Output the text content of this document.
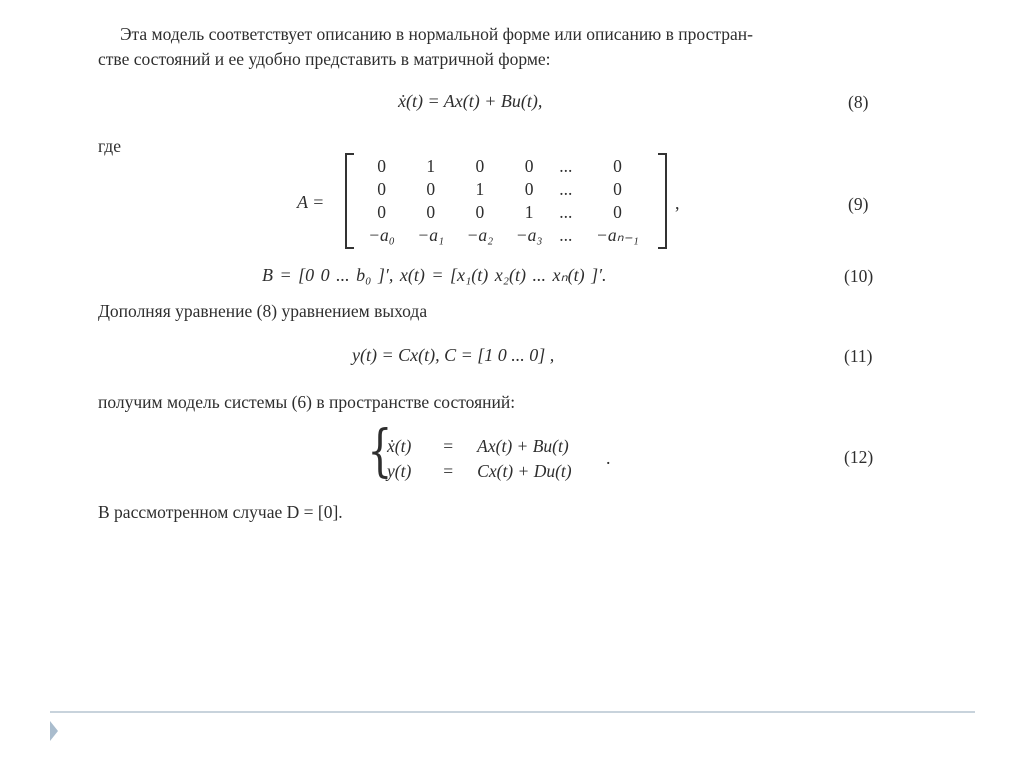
Эта модель соответствует описанию в нормальной форме или описанию в простран-
стве состояний и ее удобно представить в матричной форме:
ẋ(t) = Ax(t) + Bu(t),	(8)
где
A =
0	1	0	0	...	0
0	0	1	0	...	0
0	0	0	1	...	0
−a₀	−a₁	−a₂	−a₃	...	−aₙ₋₁
,	(9)
B = [0 0 ... b₀ ]′, x(t) = [x₁(t) x₂(t) ... xₙ(t) ]′.	(10)
Дополняя уравнение (8) уравнением выхода
y(t) = Cx(t), C = [1 0 ... 0] ,	(11)
получим модель системы (6) в пространстве состояний:
{
ẋ(t)	=	Ax(t) + Bu(t)
y(t)	=	Cx(t) + Du(t)
.	(12)
В рассмотренном случае D = [0].
